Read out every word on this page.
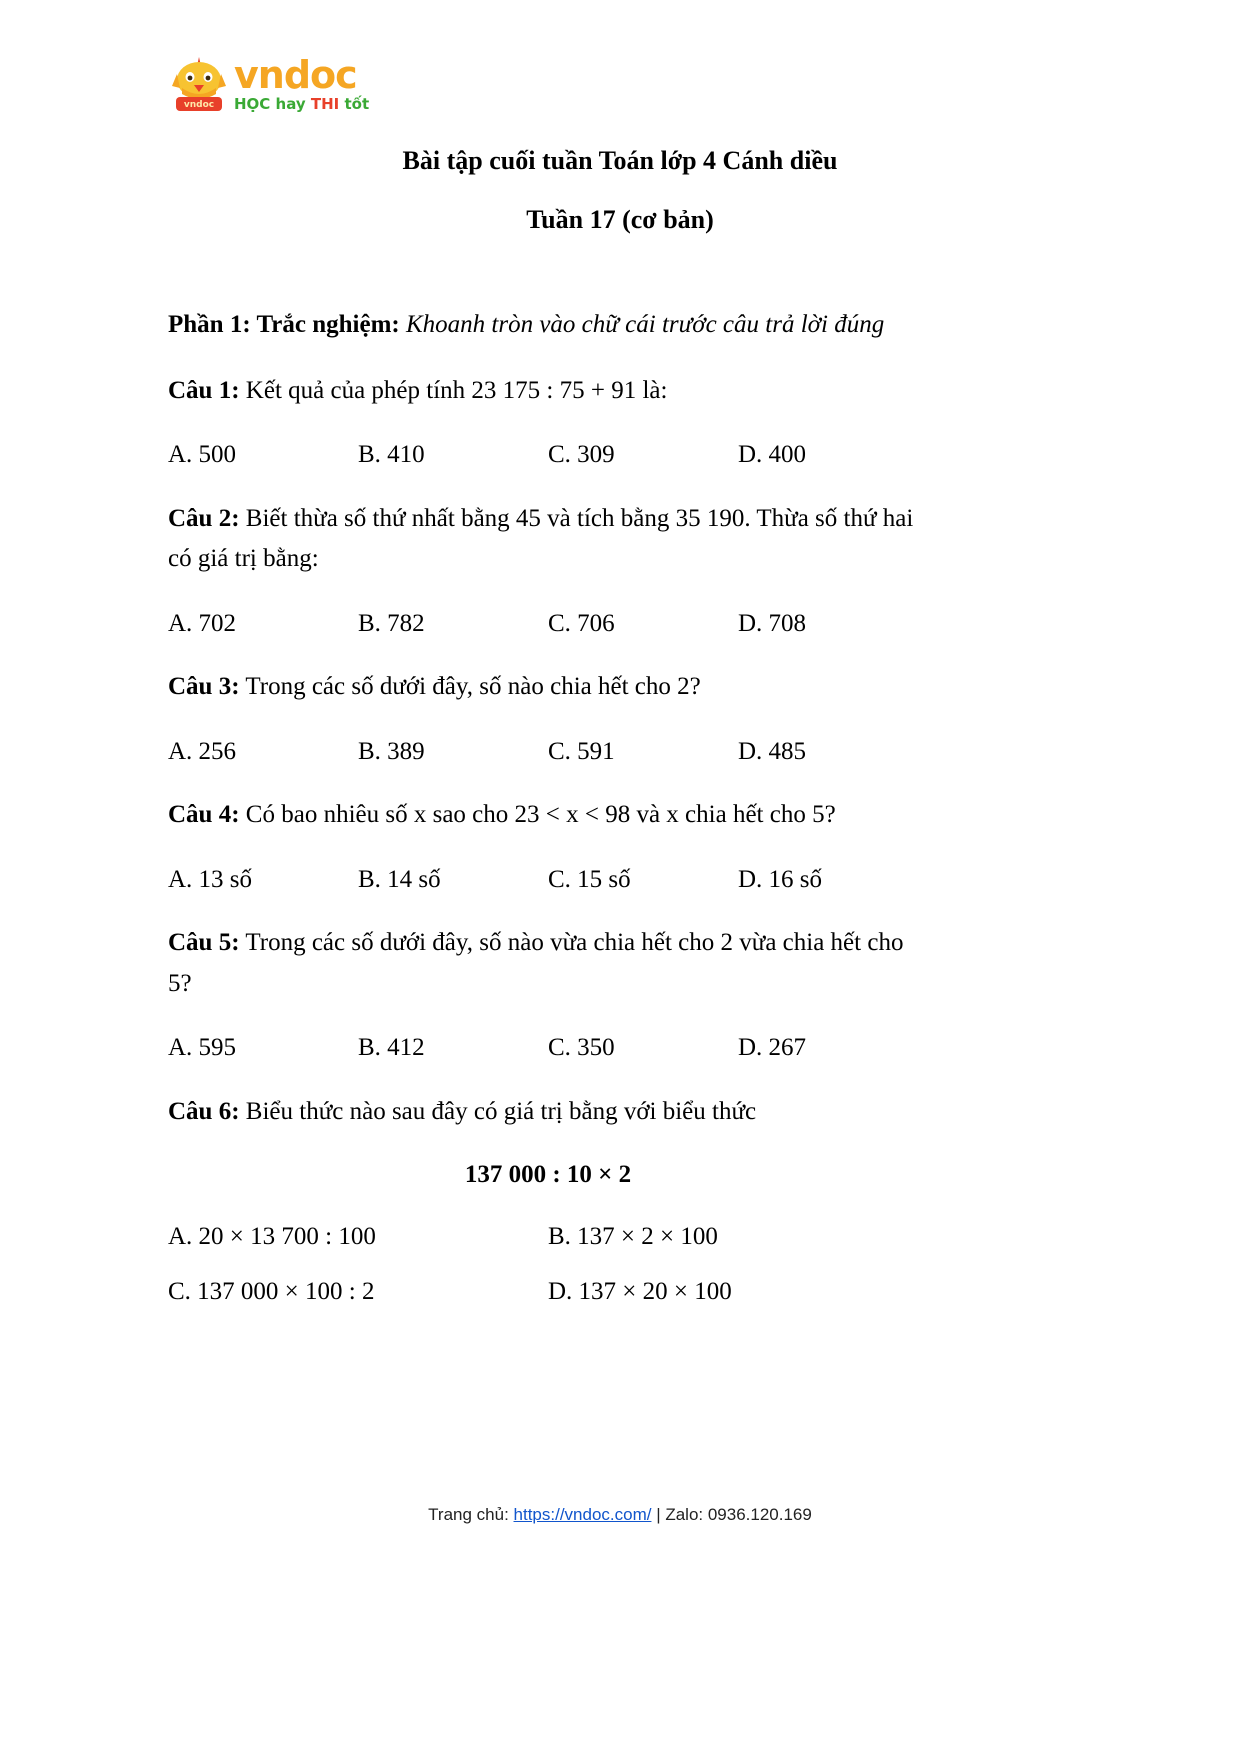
vndoc
vndoc
HỌC hay THI tốt
Bài tập cuối tuần Toán lớp 4 Cánh diều
Tuần 17 (cơ bản)

Phần 1: Trắc nghiệm: Khoanh tròn vào chữ cái trước câu trả lời đúng

Câu 1: Kết quả của phép tính 23 175 : 75 + 91 là:

A. 500	B. 410	C. 309	D. 400

Câu 2: Biết thừa số thứ nhất bằng 45 và tích bằng 35 190. Thừa số thứ hai có giá trị bằng:

A. 702	B. 782	C. 706	D. 708

Câu 3: Trong các số dưới đây, số nào chia hết cho 2?

A. 256	B. 389	C. 591	D. 485

Câu 4: Có bao nhiêu số x sao cho 23 < x < 98 và x chia hết cho 5?

A. 13 số	B. 14 số	C. 15 số	D. 16 số

Câu 5: Trong các số dưới đây, số nào vừa chia hết cho 2 vừa chia hết cho 5?

A. 595	B. 412	C. 350	D. 267

Câu 6: Biểu thức nào sau đây có giá trị bằng với biểu thức

137 000 : 10 × 2

A. 20 × 13 700 : 100	B. 137 × 2 × 100
C. 137 000 × 100 : 2	D. 137 × 20 × 100
Trang chủ: https://vndoc.com/ | Zalo: 0936.120.169
